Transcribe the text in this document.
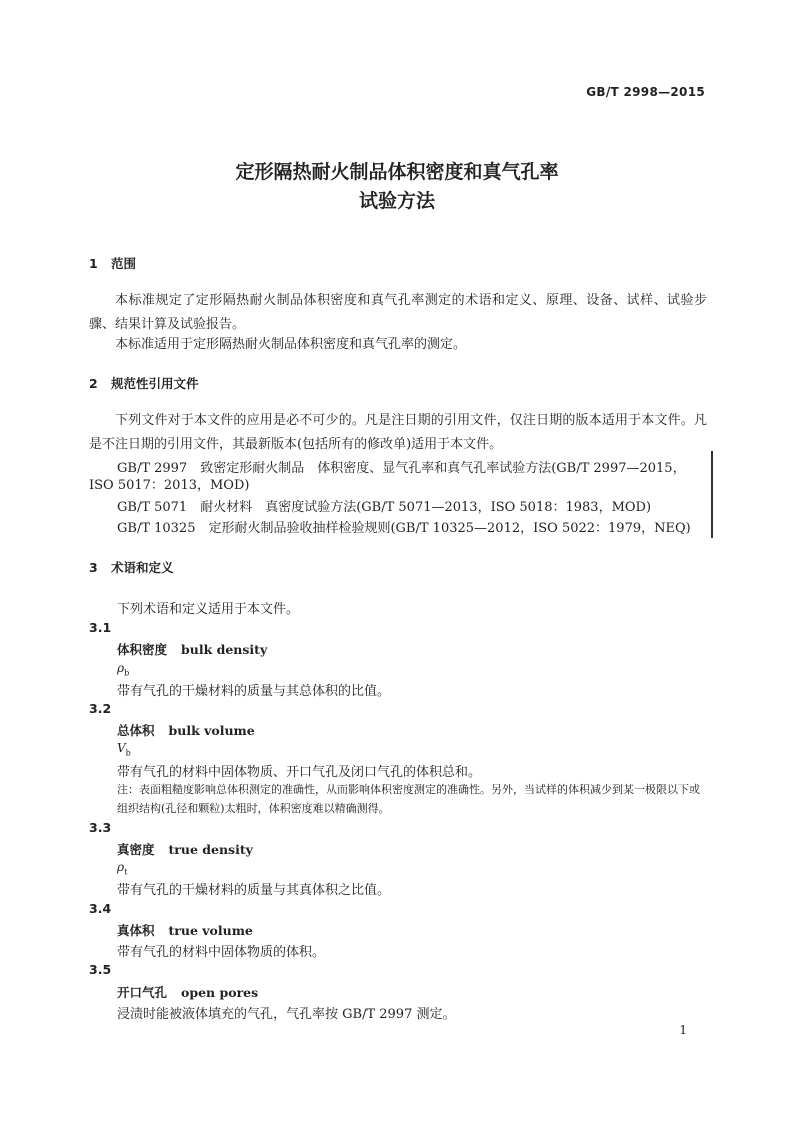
GB/T 2998—2015
定形隔热耐火制品体积密度和真气孔率
试验方法
1 范围
本标准规定了定形隔热耐火制品体积密度和真气孔率测定的术语和定义、原理、设备、试样、试验步骤、结果计算及试验报告。
本标准适用于定形隔热耐火制品体积密度和真气孔率的测定。
2 规范性引用文件
下列文件对于本文件的应用是必不可少的。凡是注日期的引用文件，仅注日期的版本适用于本文件。凡是不注日期的引用文件，其最新版本(包括所有的修改单)适用于本文件。
GB/T 2997　致密定形耐火制品　体积密度、显气孔率和真气孔率试验方法(GB/T 2997—2015，
ISO 5017：2013，MOD)
GB/T 5071　耐火材料　真密度试验方法(GB/T 5071—2013，ISO 5018：1983，MOD)
GB/T 10325　定形耐火制品验收抽样检验规则(GB/T 10325—2012，ISO 5022：1979，NEQ)
3 术语和定义
下列术语和定义适用于本文件。
3.1
体积密度 bulk density
$\rho_b$
带有气孔的干燥材料的质量与其总体积的比值。
3.2
总体积 bulk volume
$V_b$
带有气孔的材料中固体物质、开口气孔及闭口气孔的体积总和。
注：表面粗糙度影响总体积测定的准确性，从而影响体积密度测定的准确性。另外，当试样的体积减少到某一极限以下或组织结构(孔径和颗粒)太粗时，体积密度难以精确测得。
3.3
真密度 true density
$\rho_t$
带有气孔的干燥材料的质量与其真体积之比值。
3.4
真体积 true volume
带有气孔的材料中固体物质的体积。
3.5
开口气孔 open pores
浸渍时能被液体填充的气孔，气孔率按 GB/T 2997 测定。
1
